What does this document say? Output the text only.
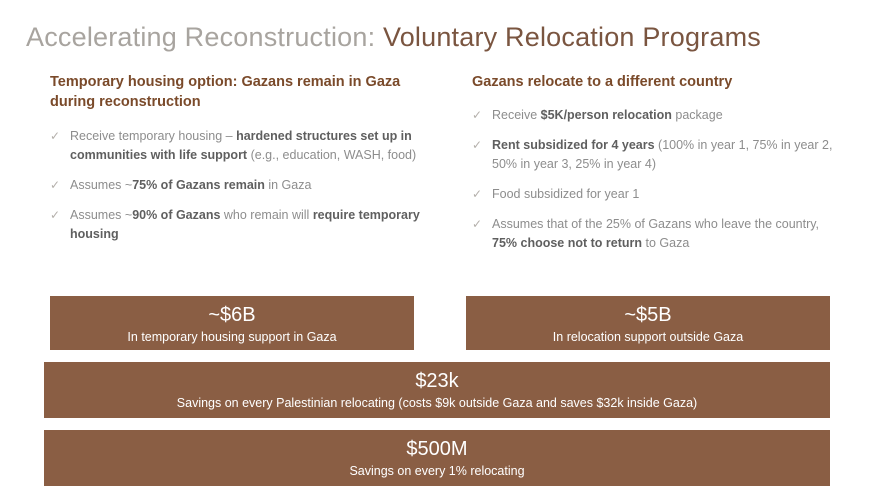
Accelerating Reconstruction: Voluntary Relocation Programs
Temporary housing option: Gazans remain in Gaza during reconstruction
✓ Receive temporary housing – hardened structures set up in communities with life support (e.g., education, WASH, food)
✓ Assumes ~75% of Gazans remain in Gaza
✓ Assumes ~90% of Gazans who remain will require temporary housing
Gazans relocate to a different country
✓ Receive $5K/person relocation package
✓ Rent subsidized for 4 years (100% in year 1, 75% in year 2, 50% in year 3, 25% in year 4)
✓ Food subsidized for year 1
✓ Assumes that of the 25% of Gazans who leave the country, 75% choose not to return to Gaza
~$6B
In temporary housing support in Gaza
~$5B
In relocation support outside Gaza
$23k
Savings on every Palestinian relocating (costs $9k outside Gaza and saves $32k inside Gaza)
$500M
Savings on every 1% relocating
